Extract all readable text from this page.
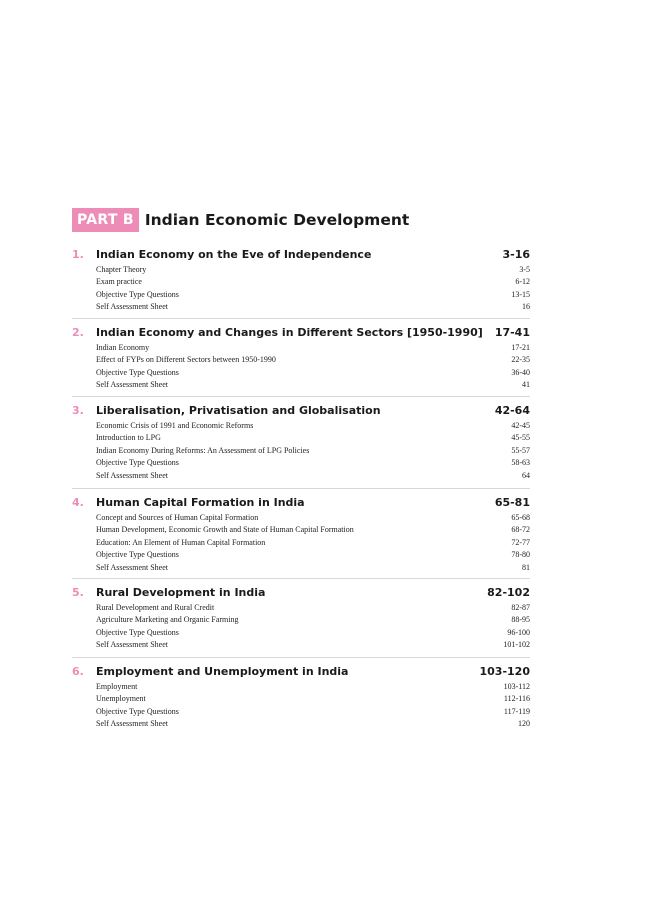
PART B Indian Economic Development
1.	Indian Economy on the Eve of Independence	3-16
Chapter Theory	3-5
Exam practice	6-12
Objective Type Questions	13-15
Self Assessment Sheet	16
2.	Indian Economy and Changes in Different Sectors [1950-1990] 17-41
Indian Economy	17-21
Effect of FYPs on Different Sectors between 1950-1990	22-35
Objective Type Questions	36-40
Self Assessment Sheet	41
3.	Liberalisation, Privatisation and Globalisation	42-64
Economic Crisis of 1991 and Economic Reforms	42-45
Introduction to LPG	45-55
Indian Economy During Reforms: An Assessment of LPG Policies	55-57
Objective Type Questions	58-63
Self Assessment Sheet	64
4.	Human Capital Formation in India	65-81
Concept and Sources of Human Capital Formation	65-68
Human Development, Economic Growth and State of Human Capital Formation	68-72
Education: An Element of Human Capital Formation	72-77
Objective Type Questions	78-80
Self Assessment Sheet	81
5.	Rural Development in India	82-102
Rural Development and Rural Credit	82-87
Agriculture Marketing and Organic Farming	88-95
Objective Type Questions	96-100
Self Assessment Sheet	101-102
6.	Employment and Unemployment in India	103-120
Employment	103-112
Unemployment	112-116
Objective Type Questions	117-119
Self Assessment Sheet	120
